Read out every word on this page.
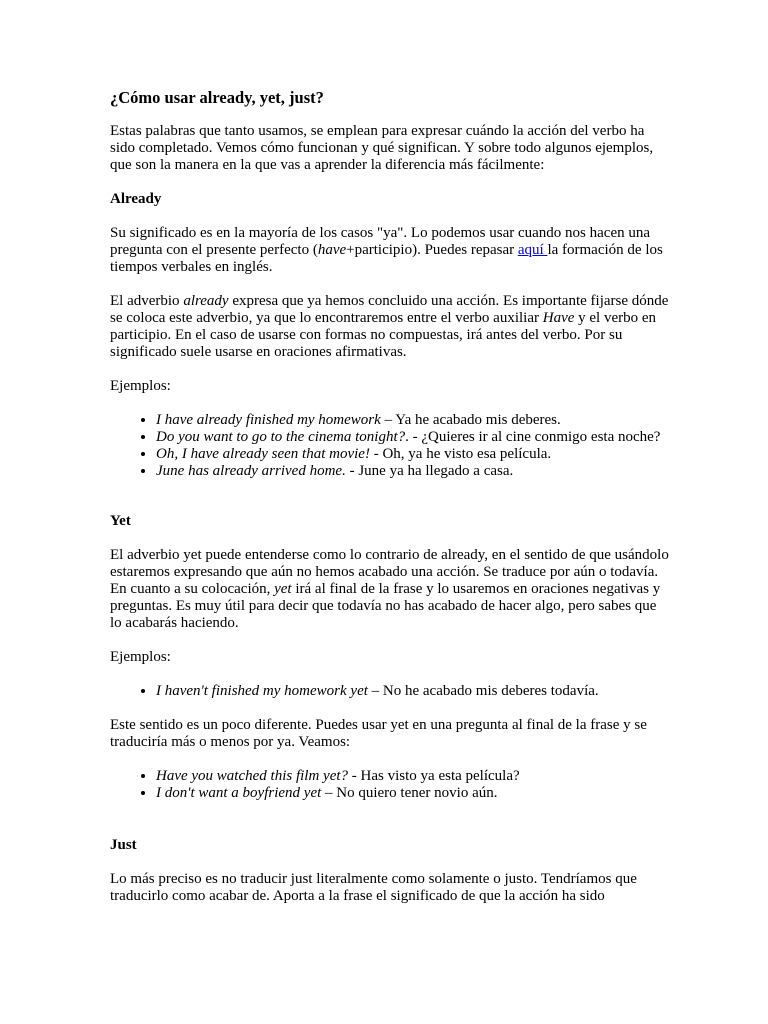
¿Cómo usar already, yet, just?

Estas palabras que tanto usamos, se emplean para expresar cuándo la acción del verbo ha sido completado. Vemos cómo funcionan y qué significan. Y sobre todo algunos ejemplos, que son la manera en la que vas a aprender la diferencia más fácilmente:

Already

Su significado es en la mayoría de los casos "ya". Lo podemos usar cuando nos hacen una pregunta con el presente perfecto (have+participio). Puedes repasar aquí la formación de los tiempos verbales en inglés.

El adverbio already expresa que ya hemos concluido una acción. Es importante fijarse dónde se coloca este adverbio, ya que lo encontraremos entre el verbo auxiliar Have y el verbo en participio. En el caso de usarse con formas no compuestas, irá antes del verbo. Por su significado suele usarse en oraciones afirmativas.

Ejemplos:

• I have already finished my homework – Ya he acabado mis deberes.
• Do you want to go to the cinema tonight?. - ¿Quieres ir al cine conmigo esta noche?
• Oh, I have already seen that movie! - Oh, ya he visto esa película.
• June has already arrived home. - June ya ha llegado a casa.
Yet

El adverbio yet puede entenderse como lo contrario de already, en el sentido de que usándolo estaremos expresando que aún no hemos acabado una acción. Se traduce por aún o todavía. En cuanto a su colocación, yet irá al final de la frase y lo usaremos en oraciones negativas y preguntas. Es muy útil para decir que todavía no has acabado de hacer algo, pero sabes que lo acabarás haciendo.

Ejemplos:

• I haven't finished my homework yet – No he acabado mis deberes todavía.

Este sentido es un poco diferente. Puedes usar yet en una pregunta al final de la frase y se traduciría más o menos por ya. Veamos:

• Have you watched this film yet? - Has visto ya esta película?
• I don't want a boyfriend yet – No quiero tener novio aún.
Just

Lo más preciso es no traducir just literalmente como solamente o justo. Tendríamos que traducirlo como acabar de. Aporta a la frase el significado de que la acción ha sido
